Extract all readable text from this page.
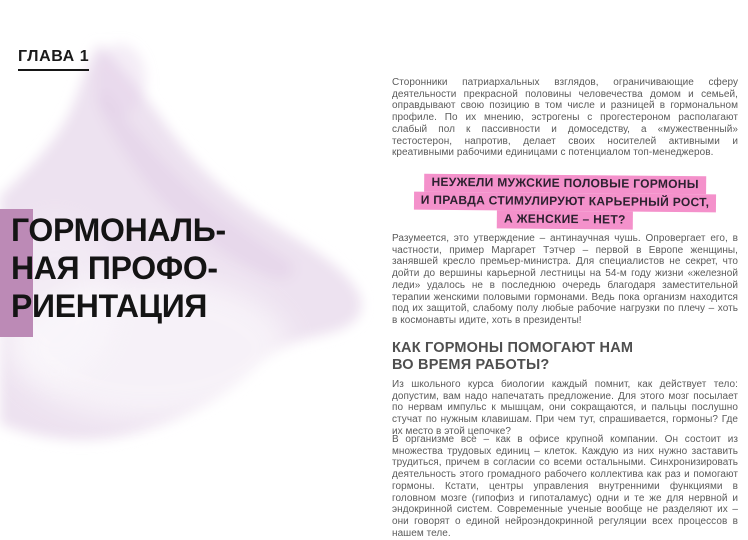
ГЛАВА 1
ГОРМОНАЛЬ-
НАЯ ПРОФО-
РИЕНТАЦИЯ

Сторонники патриархальных взглядов, ограничивающие сферу деятельности прекрасной половины человечества домом и семьей, оправдывают свою позицию в том числе и разницей в гормональном профиле. По их мнению, эстрогены с прогестероном располагают слабый пол к пассивности и домоседству, а «мужественный» тестостерон, напротив, делает своих носителей активными и креативными рабочими единицами с потенциалом топ-менеджеров.

НЕУЖЕЛИ МУЖСКИЕ ПОЛОВЫЕ ГОРМОНЫ
И ПРАВДА СТИМУЛИРУЮТ КАРЬЕРНЫЙ РОСТ,
А ЖЕНСКИЕ – НЕТ?

Разумеется, это утверждение – антинаучная чушь. Опровергает его, в частности, пример Маргарет Тэтчер – первой в Европе женщины, занявшей кресло премьер-министра. Для специалистов не секрет, что дойти до вершины карьерной лестницы на 54-м году жизни «железной леди» удалось не в последнюю очередь благодаря заместительной терапии женскими половыми гормонами. Ведь пока организм находится под их защитой, слабому полу любые рабочие нагрузки по плечу – хоть в космонавты идите, хоть в президенты!

КАК ГОРМОНЫ ПОМОГАЮТ НАМ
ВО ВРЕМЯ РАБОТЫ?

Из школьного курса биологии каждый помнит, как действует тело: допустим, вам надо напечатать предложение. Для этого мозг посылает по нервам импульс к мышцам, они сокращаются, и пальцы послушно стучат по нужным клавишам. При чем тут, спрашивается, гормоны? Где их место в этой цепочке?

В организме все – как в офисе крупной компании. Он состоит из множества трудовых единиц – клеток. Каждую из них нужно заставить трудиться, причем в согласии со всеми остальными. Синхронизировать деятельность этого громадного рабочего коллектива как раз и помогают гормоны. Кстати, центры управления внутренними функциями в головном мозге (гипофиз и гипоталамус) одни и те же для нервной и эндокринной систем. Современные ученые вообще не разделяют их – они говорят о единой нейроэндокринной регуляции всех процессов в нашем теле.
